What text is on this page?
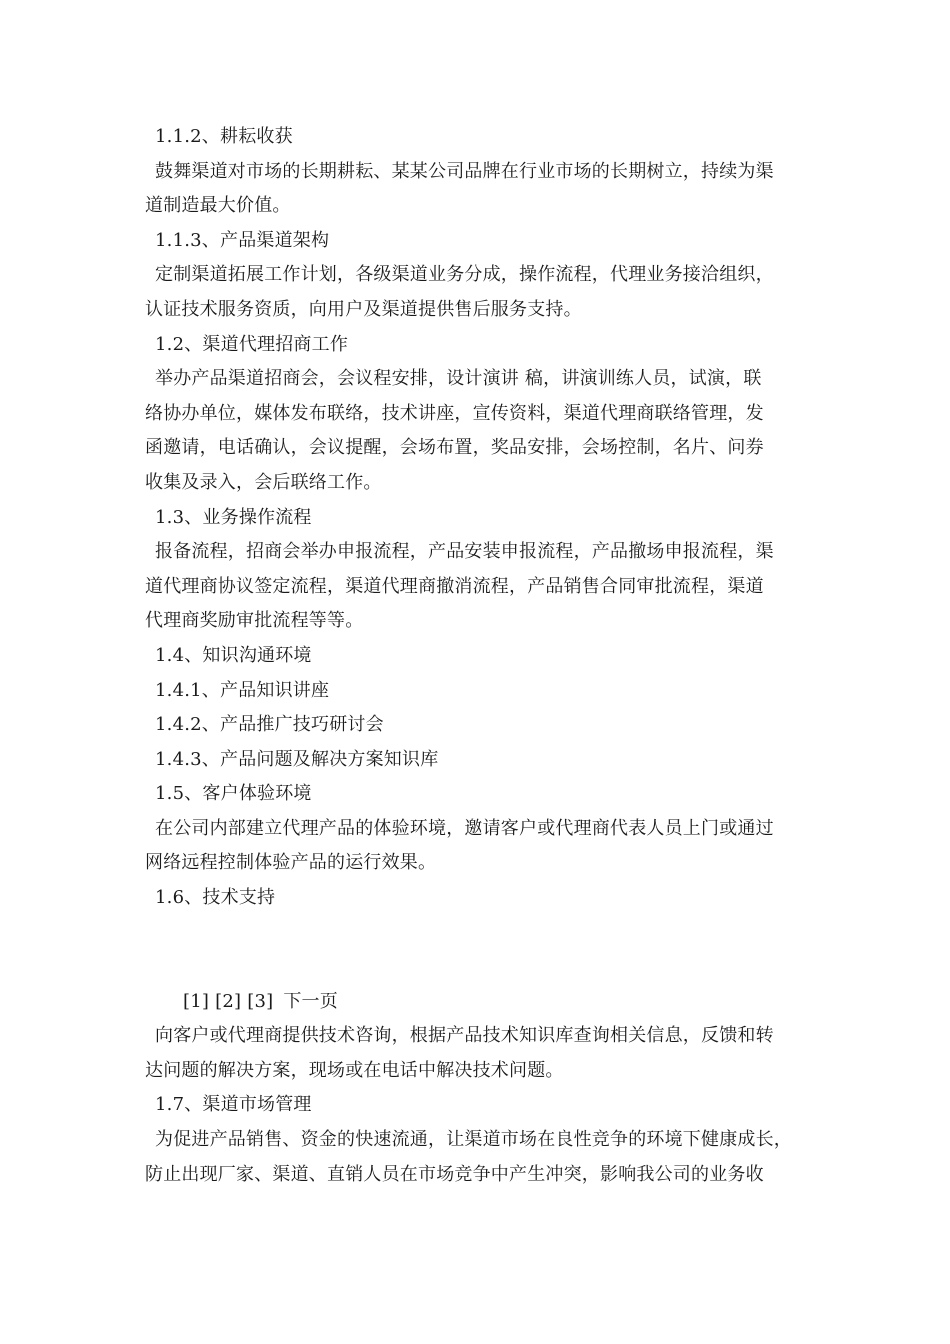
1.1.2、耕耘收获
鼓舞渠道对市场的长期耕耘、某某公司品牌在行业市场的长期树立，持续为渠
道制造最大价值。
1.1.3、产品渠道架构
定制渠道拓展工作计划，各级渠道业务分成，操作流程，代理业务接洽组织，
认证技术服务资质，向用户及渠道提供售后服务支持。
1.2、渠道代理招商工作
举办产品渠道招商会，会议程安排，设计演讲 稿，讲演训练人员，试演，联
络协办单位，媒体发布联络，技术讲座，宣传资料，渠道代理商联络管理，发
函邀请，电话确认，会议提醒，会场布置，奖品安排，会场控制，名片、问券
收集及录入，会后联络工作。
1.3、业务操作流程
报备流程，招商会举办申报流程，产品安装申报流程，产品撤场申报流程，渠
道代理商协议签定流程，渠道代理商撤消流程，产品销售合同审批流程，渠道
代理商奖励审批流程等等。
1.4、知识沟通环境
1.4.1、产品知识讲座
1.4.2、产品推广技巧研讨会
1.4.3、产品问题及解决方案知识库
1.5、客户体验环境
在公司内部建立代理产品的体验环境，邀请客户或代理商代表人员上门或通过
网络远程控制体验产品的运行效果。
1.6、技术支持
[1] [2] [3] 下一页
向客户或代理商提供技术咨询，根据产品技术知识库查询相关信息，反馈和转
达问题的解决方案，现场或在电话中解决技术问题。
1.7、渠道市场管理
为促进产品销售、资金的快速流通，让渠道市场在良性竞争的环境下健康成长，
防止出现厂家、渠道、直销人员在市场竞争中产生冲突，影响我公司的业务收
